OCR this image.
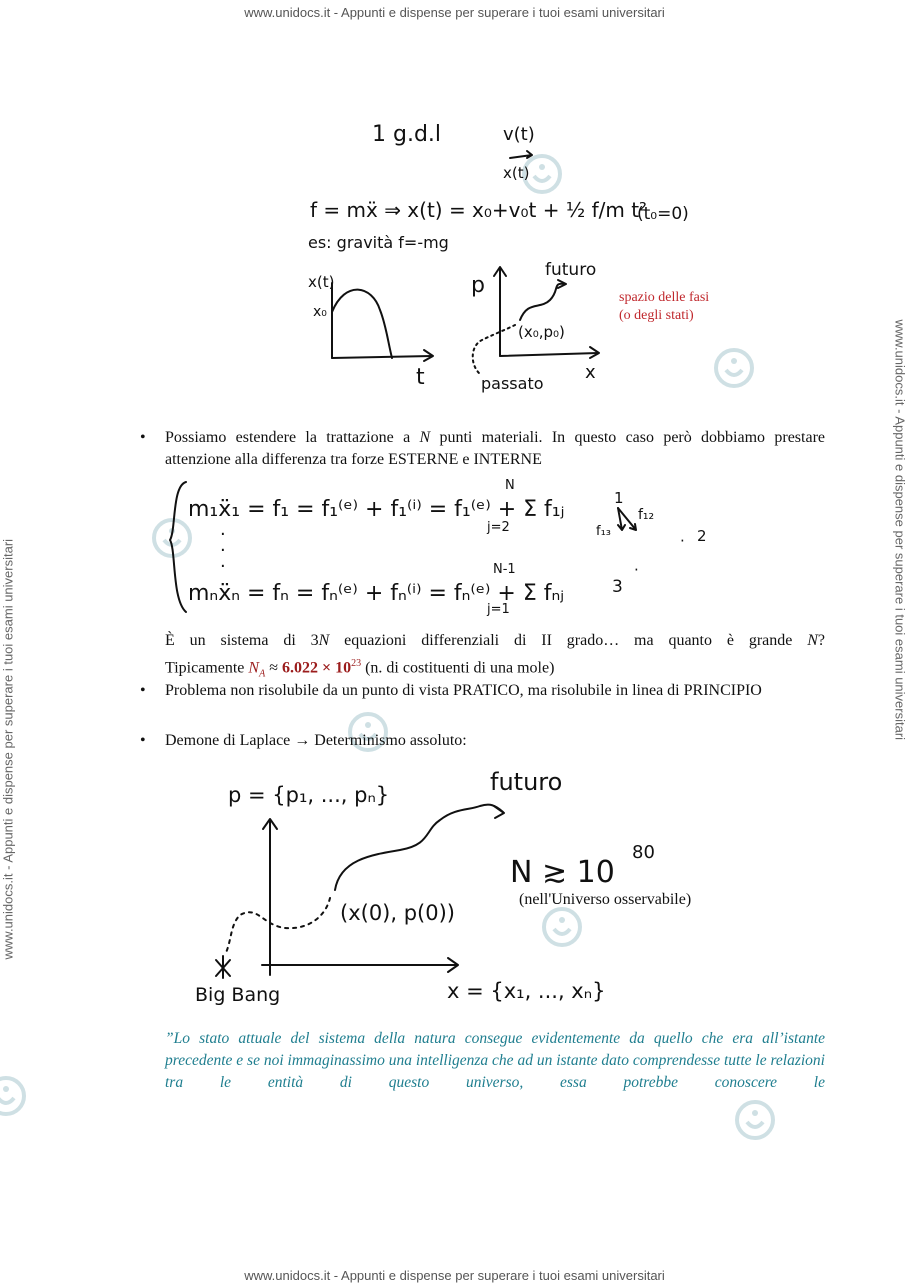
www.unidocs.it - Appunti e dispense per superare i tuoi esami universitari
www.unidocs.it - Appunti e dispense per superare i tuoi esami universitari
www.unidocs.it - Appunti e dispense per superare i tuoi esami universitari
1 g.d.l	v(t)
x(t)
f = mẍ ⇒ x(t) = x₀+v₀t + ½ f/m t²
(t₀=0)
es: gravità f=-mg
x(t)
x₀
t
p
x
futuro
(x₀,p₀)
passato
spazio delle fasi
(o degli stati)
• Possiamo estendere la trattazione a N punti materiali. In questo caso però dobbiamo prestare attenzione alla differenza tra forze ESTERNE e INTERNE
m₁ẍ₁ = f₁ = f₁⁽ᵉ⁾ + f₁⁽ⁱ⁾ = f₁⁽ᵉ⁾ + Σ f₁ⱼ
N
j=2
·
·
·
mₙẍₙ = fₙ = fₙ⁽ᵉ⁾ + fₙ⁽ⁱ⁾ = fₙ⁽ᵉ⁾ + Σ fₙⱼ
N-1
j=1
1
f₁₂
f₁₃
· 2
3
·
È un sistema di 3N equazioni differenziali di II grado… ma quanto è grande N?
Tipicamente $N_A \approx 6.022 \times 10^{23}$ (n. di costituenti di una mole)
• Problema non risolubile da un punto di vista PRATICO, ma risolubile in linea di PRINCIPIO
• Demone di Laplace → Determinismo assoluto:
p = {p₁, ..., pₙ}	futuro
(x(0), p(0))
Big Bang	x = {x₁, ..., xₙ}
N ≳ 10
80
(nell'Universo osservabile)
”Lo stato attuale del sistema della natura consegue evidentemente da quello che era all’istante precedente e se noi immaginassimo una intelligenza che ad un istante dato comprendesse tutte le relazioni tra le entità di questo universo, essa potrebbe conoscere le
www.unidocs.it - Appunti e dispense per superare i tuoi esami universitari
